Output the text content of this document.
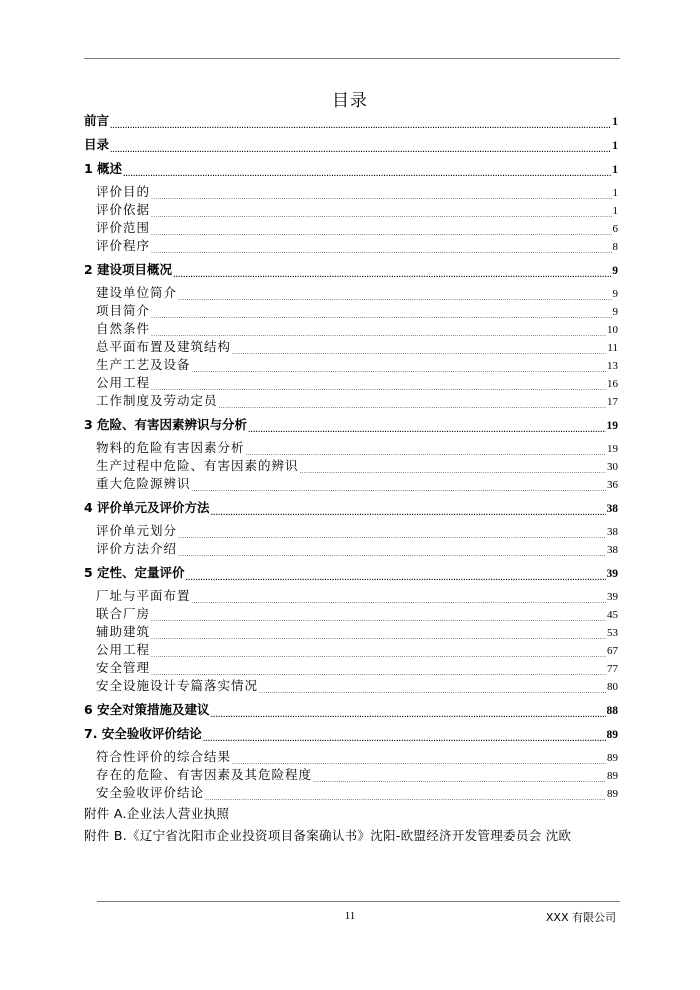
目录
前言 .....	1
目录 .....	1
1 概述 .....	1
评价目的 .....	1
评价依据 .....	1
评价范围 .....	6
评价程序 .....	8
2 建设项目概况 .....	9
建设单位简介 .....	9
项目简介 .....	9
自然条件 .....	10
总平面布置及建筑结构 .....	11
生产工艺及设备 .....	13
公用工程 .....	16
工作制度及劳动定员 .....	17
3 危险、有害因素辨识与分析 .....	19
物料的危险有害因素分析 .....	19
生产过程中危险、有害因素的辨识 .....	30
重大危险源辨识 .....	36
4 评价单元及评价方法 .....	38
评价单元划分 .....	38
评价方法介绍 .....	38
5 定性、定量评价 .....	39
厂址与平面布置 .....	39
联合厂房 .....	45
辅助建筑 .....	53
公用工程 .....	67
安全管理 .....	77
安全设施设计专篇落实情况 .....	80
6 安全对策措施及建议 .....	88
7. 安全验收评价结论 .....	89
符合性评价的综合结果 .....	89
存在的危险、有害因素及其危险程度 .....	89
安全验收评价结论 .....	89
附件 A.企业法人营业执照
附件 B.《辽宁省沈阳市企业投资项目备案确认书》沈阳-欧盟经济开发管理委员会 沈欧
11	XXX 有限公司
